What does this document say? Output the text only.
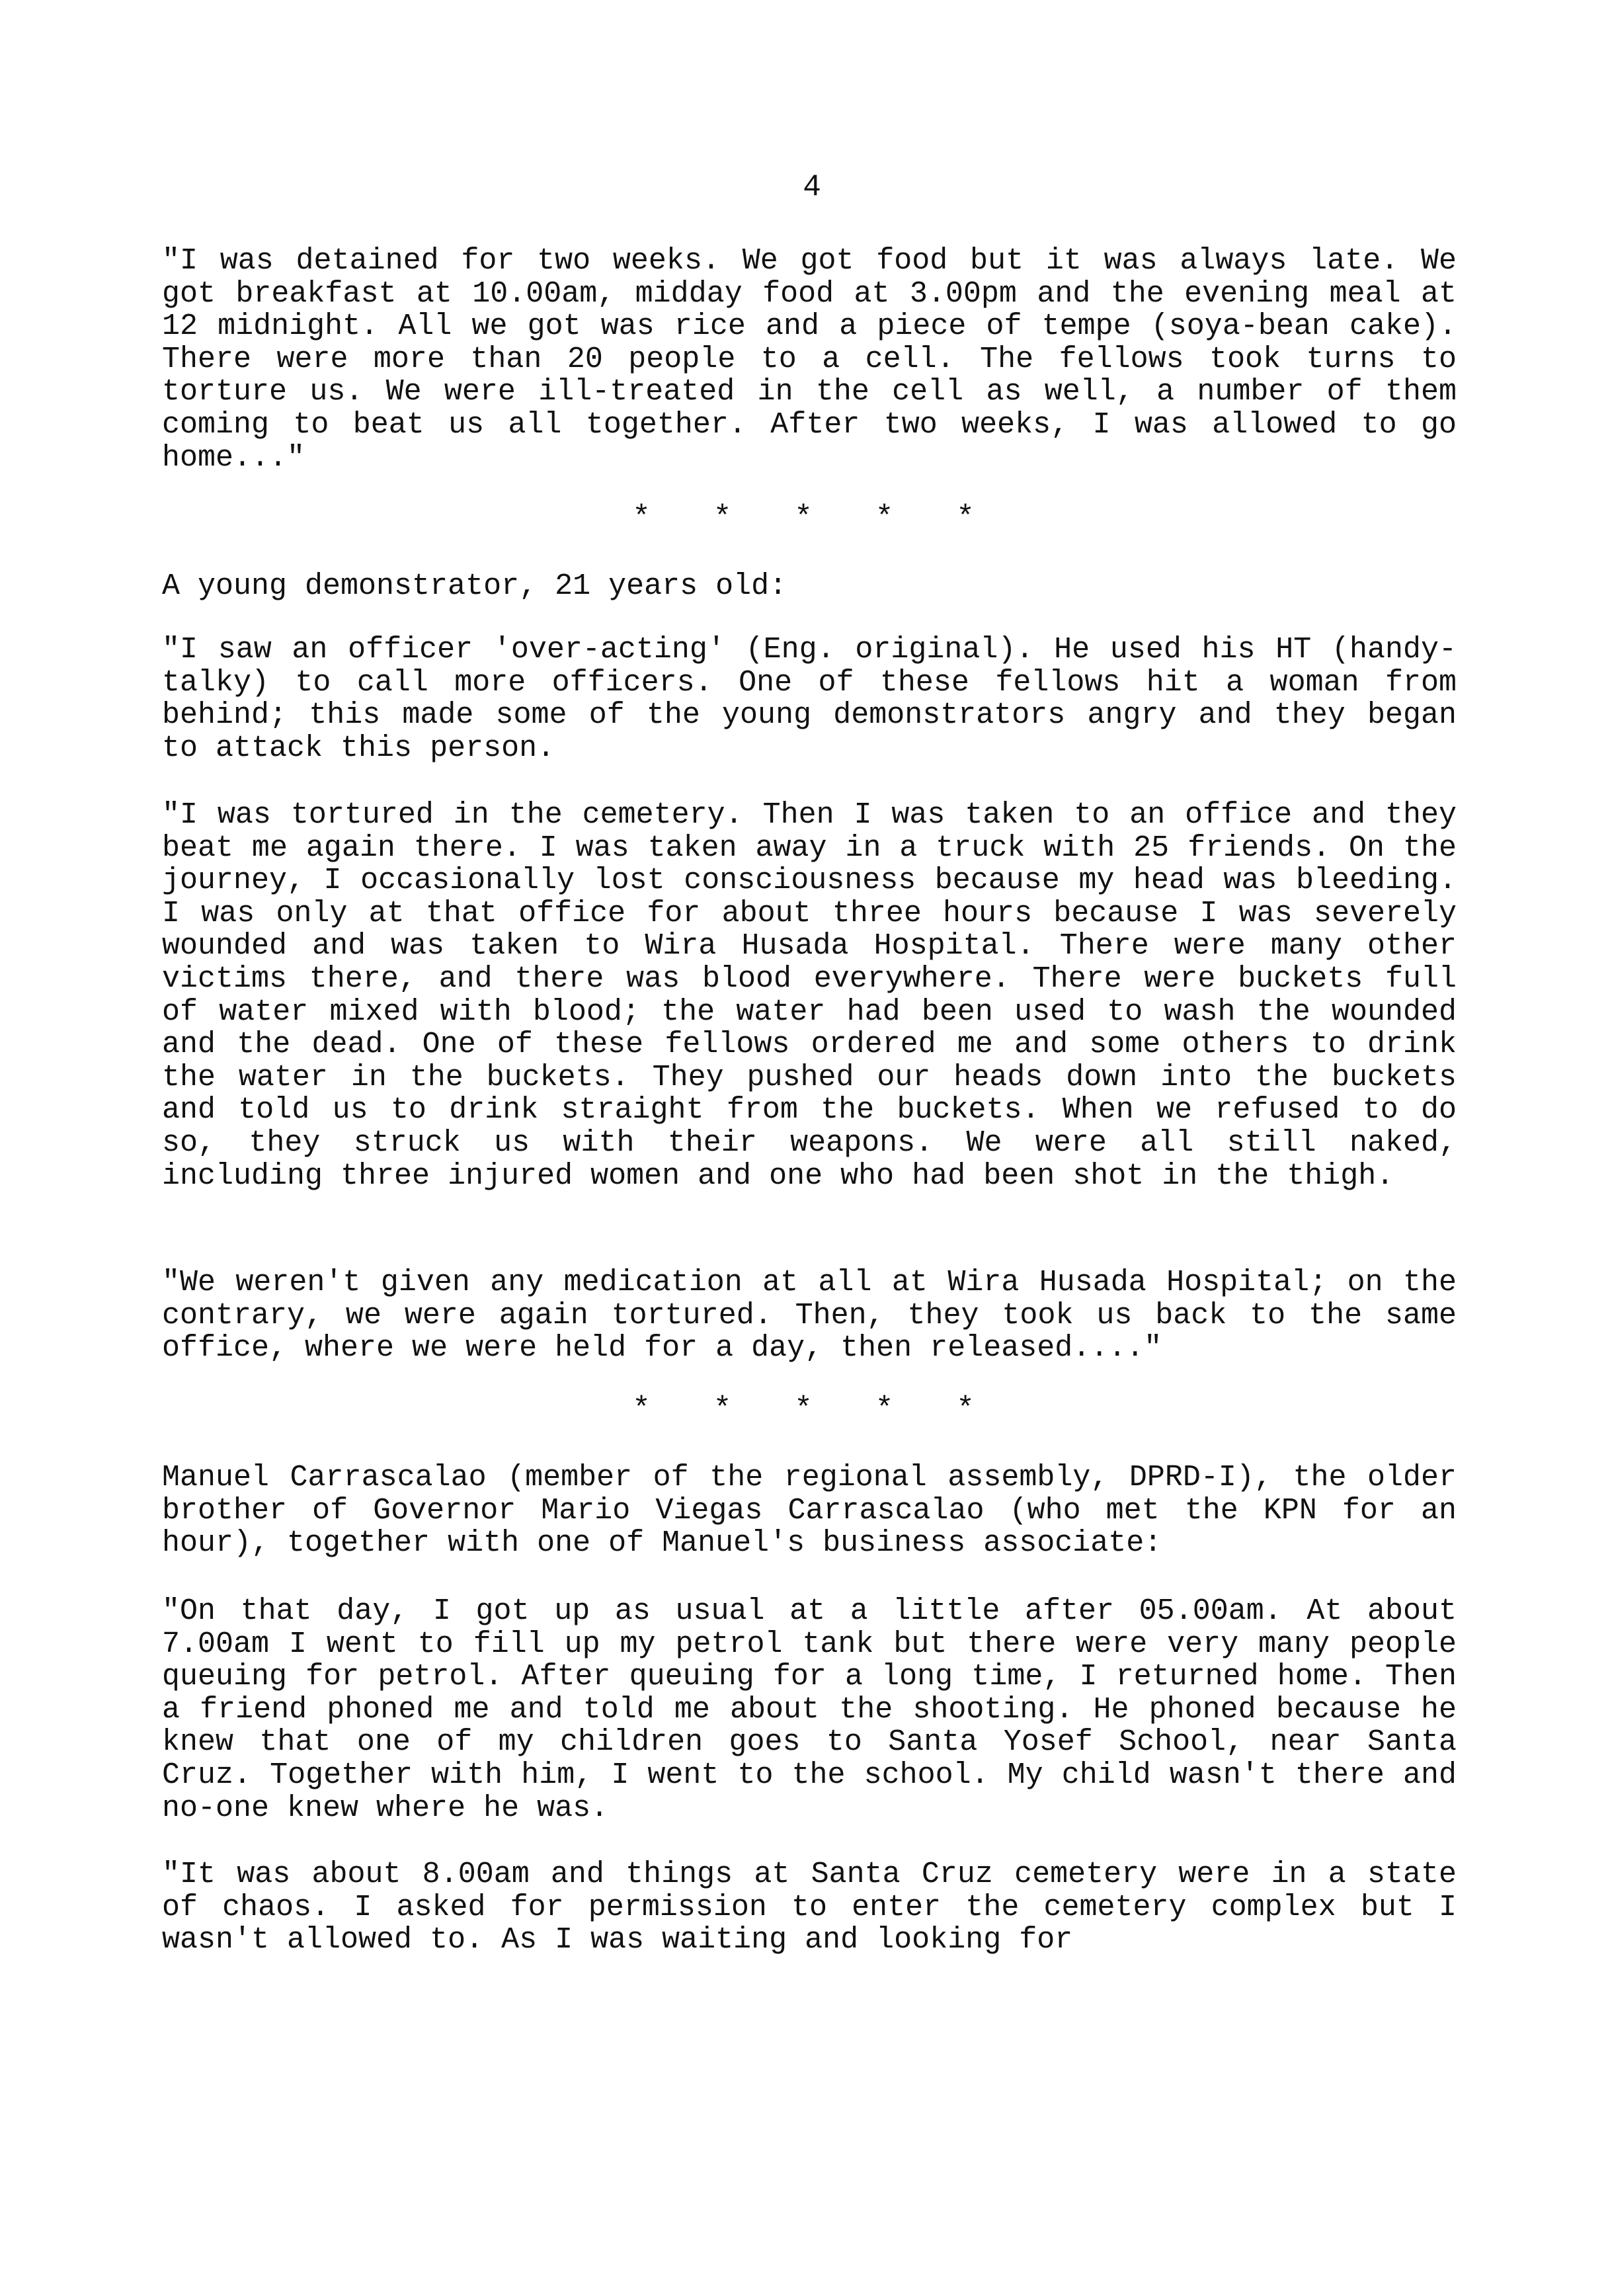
4
"I was detained for two weeks. We got food but it was always late. We got breakfast at 10.00am, midday food at 3.00pm and the evening meal at 12 midnight. All we got was rice and a piece of tempe (soya-bean cake). There were more than 20 people to a cell. The fellows took turns to torture us. We were ill-treated in the cell as well, a number of them coming to beat us all together. After two weeks, I was allowed to go home..."
* * * * *
A young demonstrator, 21 years old:
"I saw an officer 'over-acting' (Eng. original). He used his HT (handy-talky) to call more officers. One of these fellows hit a woman from behind; this made some of the young demonstrators angry and they began to attack this person.
"I was tortured in the cemetery. Then I was taken to an office and they beat me again there. I was taken away in a truck with 25 friends. On the journey, I occasionally lost consciousness because my head was bleeding. I was only at that office for about three hours because I was severely wounded and was taken to Wira Husada Hospital. There were many other victims there, and there was blood everywhere. There were buckets full of water mixed with blood; the water had been used to wash the wounded and the dead. One of these fellows ordered me and some others to drink the water in the buckets. They pushed our heads down into the buckets and told us to drink straight from the buckets. When we refused to do so, they struck us with their weapons. We were all still naked, including three injured women and one who had been shot in the thigh.
"We weren't given any medication at all at Wira Husada Hospital; on the contrary, we were again tortured. Then, they took us back to the same office, where we were held for a day, then released...."
* * * * *
Manuel Carrascalao (member of the regional assembly, DPRD-I), the older brother of Governor Mario Viegas Carrascalao (who met the KPN for an hour), together with one of Manuel's business associate:
"On that day, I got up as usual at a little after 05.00am. At about 7.00am I went to fill up my petrol tank but there were very many people queuing for petrol. After queuing for a long time, I returned home. Then a friend phoned me and told me about the shooting. He phoned because he knew that one of my children goes to Santa Yosef School, near Santa Cruz. Together with him, I went to the school. My child wasn't there and no-one knew where he was.
"It was about 8.00am and things at Santa Cruz cemetery were in a state of chaos. I asked for permission to enter the cemetery complex but I wasn't allowed to. As I was waiting and looking for
